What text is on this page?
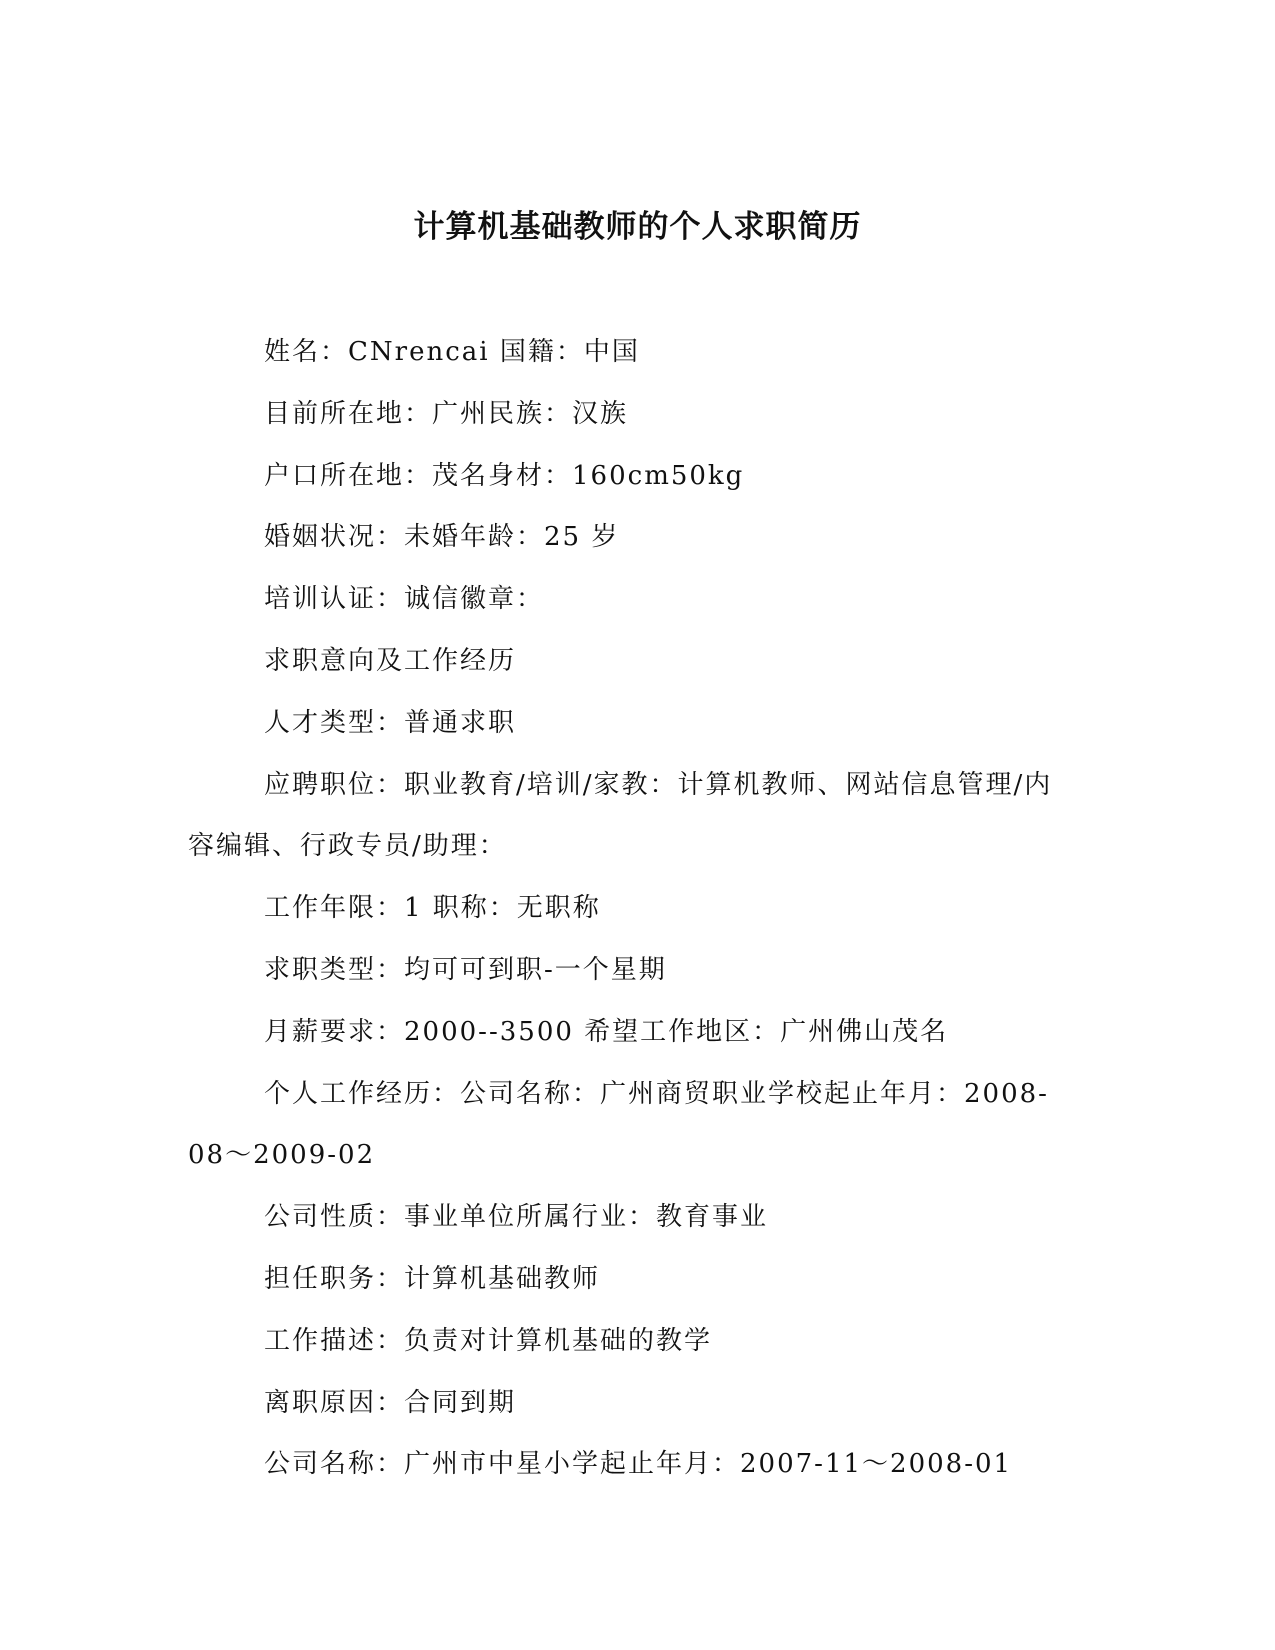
计算机基础教师的个人求职简历

姓名：CNrencai 国籍：中国

目前所在地：广州民族：汉族

户口所在地：茂名身材：160cm50kg

婚姻状况：未婚年龄：25 岁

培训认证：诚信徽章：

求职意向及工作经历

人才类型：普通求职

应聘职位：职业教育/培训/家教：计算机教师、网站信息管理/内容编辑、行政专员/助理：

工作年限：1 职称：无职称

求职类型：均可可到职-一个星期

月薪要求：2000--3500 希望工作地区：广州佛山茂名

个人工作经历：公司名称：广州商贸职业学校起止年月：2008-08～2009-02

公司性质：事业单位所属行业：教育事业

担任职务：计算机基础教师

工作描述：负责对计算机基础的教学

离职原因：合同到期

公司名称：广州市中星小学起止年月：2007-11～2008-01
